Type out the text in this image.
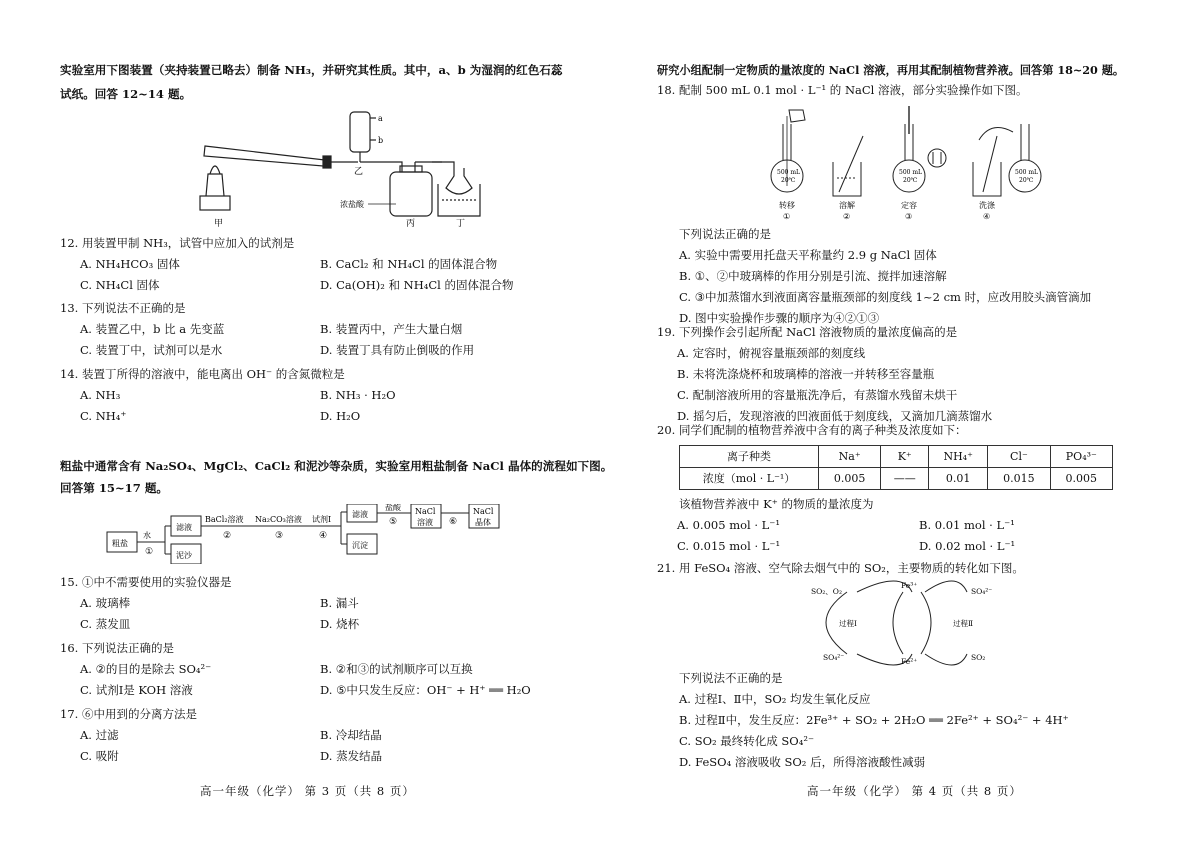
实验室用下图装置（夹持装置已略去）制备 NH₃，并研究其性质。其中，a、b 为湿润的红色石蕊

试纸。回答 12~14 题。

甲
乙
丙	丁
浓盐酸
a
b
12. 用装置甲制 NH₃，试管中应加入的试剂是
A. NH₄HCO₃ 固体	B. CaCl₂ 和 NH₄Cl 的固体混合物
C. NH₄Cl 固体	D. Ca(OH)₂ 和 NH₄Cl 的固体混合物
13. 下列说法不正确的是
A. 装置乙中，b 比 a 先变蓝	B. 装置丙中，产生大量白烟
C. 装置丁中，试剂可以是水	D. 装置丁具有防止倒吸的作用
14. 装置丁所得的溶液中，能电离出 OH⁻ 的含氮微粒是
A. NH₃	B. NH₃ · H₂O
C. NH₄⁺	D. H₂O

粗盐中通常含有 Na₂SO₄、MgCl₂、CaCl₂ 和泥沙等杂质，实验室用粗盐制备 NaCl 晶体的流程如下图。

回答第 15~17 题。

粗盐
水
①
滤液
泥沙
BaCl₂溶液
②
Na₂CO₃溶液
③
试剂Ⅰ
④
滤液
沉淀
盐酸
⑤
NaCl
溶液 ⑥
NaCl
晶体
15. ①中不需要使用的实验仪器是
A. 玻璃棒	B. 漏斗
C. 蒸发皿	D. 烧杯
16. 下列说法正确的是
A. ②的目的是除去 SO₄²⁻	B. ②和③的试剂顺序可以互换
C. 试剂Ⅰ是 KOH 溶液	D. ⑤中只发生反应：OH⁻ + H⁺ ══ H₂O
17. ⑥中用到的分离方法是
A. 过滤	B. 冷却结晶
C. 吸附	D. 蒸发结晶
高一年级（化学） 第 3 页（共 8 页）

研究小组配制一定物质的量浓度的 NaCl 溶液，再用其配制植物营养液。回答第 18~20 题。

18. 配制 500 mL 0.1 mol · L⁻¹ 的 NaCl 溶液，部分实验操作如下图。
500 mL
20℃
500 mL
20℃
500 mL
20℃
转移
①
溶解
②
定容
③
洗涤
④
下列说法正确的是
A. 实验中需要用托盘天平称量约 2.9 g NaCl 固体
B. ①、②中玻璃棒的作用分别是引流、搅拌加速溶解
C. ③中加蒸馏水到液面离容量瓶颈部的刻度线 1~2 cm 时，应改用胶头滴管滴加
D. 图中实验操作步骤的顺序为④②①③
19. 下列操作会引起所配 NaCl 溶液物质的量浓度偏高的是
A. 定容时，俯视容量瓶颈部的刻度线
B. 未将洗涤烧杯和玻璃棒的溶液一并转移至容量瓶
C. 配制溶液所用的容量瓶洗净后，有蒸馏水残留未烘干
D. 摇匀后，发现溶液的凹液面低于刻度线，又滴加几滴蒸馏水
20. 同学们配制的植物营养液中含有的离子种类及浓度如下：
离子种类	Na⁺	K⁺	NH₄⁺	Cl⁻	PO₄³⁻
浓度（mol · L⁻¹）	0.005	——	0.01	0.015	0.005
该植物营养液中 K⁺ 的物质的量浓度为
A. 0.005 mol · L⁻¹	B. 0.01 mol · L⁻¹
C. 0.015 mol · L⁻¹	D. 0.02 mol · L⁻¹
21. 用 FeSO₄ 溶液、空气除去烟气中的 SO₂，主要物质的转化如下图。
SO₂、O₂
SO₄²⁻
Fe³⁺
Fe²⁺
SO₄²⁻
SO₂
过程Ⅰ	过程Ⅱ
下列说法不正确的是
A. 过程Ⅰ、Ⅱ中，SO₂ 均发生氧化反应
B. 过程Ⅱ中，发生反应：2Fe³⁺ + SO₂ + 2H₂O ══ 2Fe²⁺ + SO₄²⁻ + 4H⁺
C. SO₂ 最终转化成 SO₄²⁻
D. FeSO₄ 溶液吸收 SO₂ 后，所得溶液酸性减弱
高一年级（化学） 第 4 页（共 8 页）
